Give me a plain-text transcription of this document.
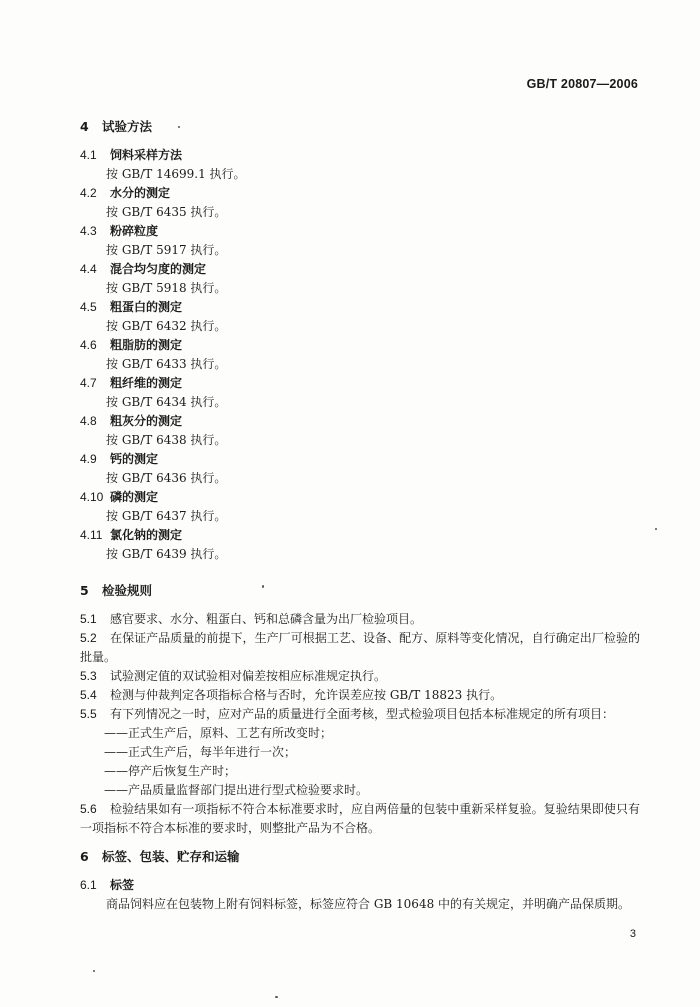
GB/T 20807—2006
4 试验方法
4.1 饲料采样方法
按 GB/T 14699.1 执行。
4.2 水分的测定
按 GB/T 6435 执行。
4.3 粉碎粒度
按 GB/T 5917 执行。
4.4 混合均匀度的测定
按 GB/T 5918 执行。
4.5 粗蛋白的测定
按 GB/T 6432 执行。
4.6 粗脂肪的测定
按 GB/T 6433 执行。
4.7 粗纤维的测定
按 GB/T 6434 执行。
4.8 粗灰分的测定
按 GB/T 6438 执行。
4.9 钙的测定
按 GB/T 6436 执行。
4.10 磷的测定
按 GB/T 6437 执行。
4.11 氯化钠的测定
按 GB/T 6439 执行。
5 检验规则
5.1 感官要求、水分、粗蛋白、钙和总磷含量为出厂检验项目。
5.2 在保证产品质量的前提下，生产厂可根据工艺、设备、配方、原料等变化情况，自行确定出厂检验的批量。
5.3 试验测定值的双试验相对偏差按相应标准规定执行。
5.4 检测与仲裁判定各项指标合格与否时，允许误差应按 GB/T 18823 执行。
5.5 有下列情况之一时，应对产品的质量进行全面考核，型式检验项目包括本标准规定的所有项目：
——正式生产后，原料、工艺有所改变时；
——正式生产后，每半年进行一次；
——停产后恢复生产时；
——产品质量监督部门提出进行型式检验要求时。
5.6 检验结果如有一项指标不符合本标准要求时，应自两倍量的包装中重新采样复验。复验结果即使只有一项指标不符合本标准的要求时，则整批产品为不合格。
6 标签、包装、贮存和运输
6.1 标签
商品饲料应在包装物上附有饲料标签，标签应符合 GB 10648 中的有关规定，并明确产品保质期。
3
